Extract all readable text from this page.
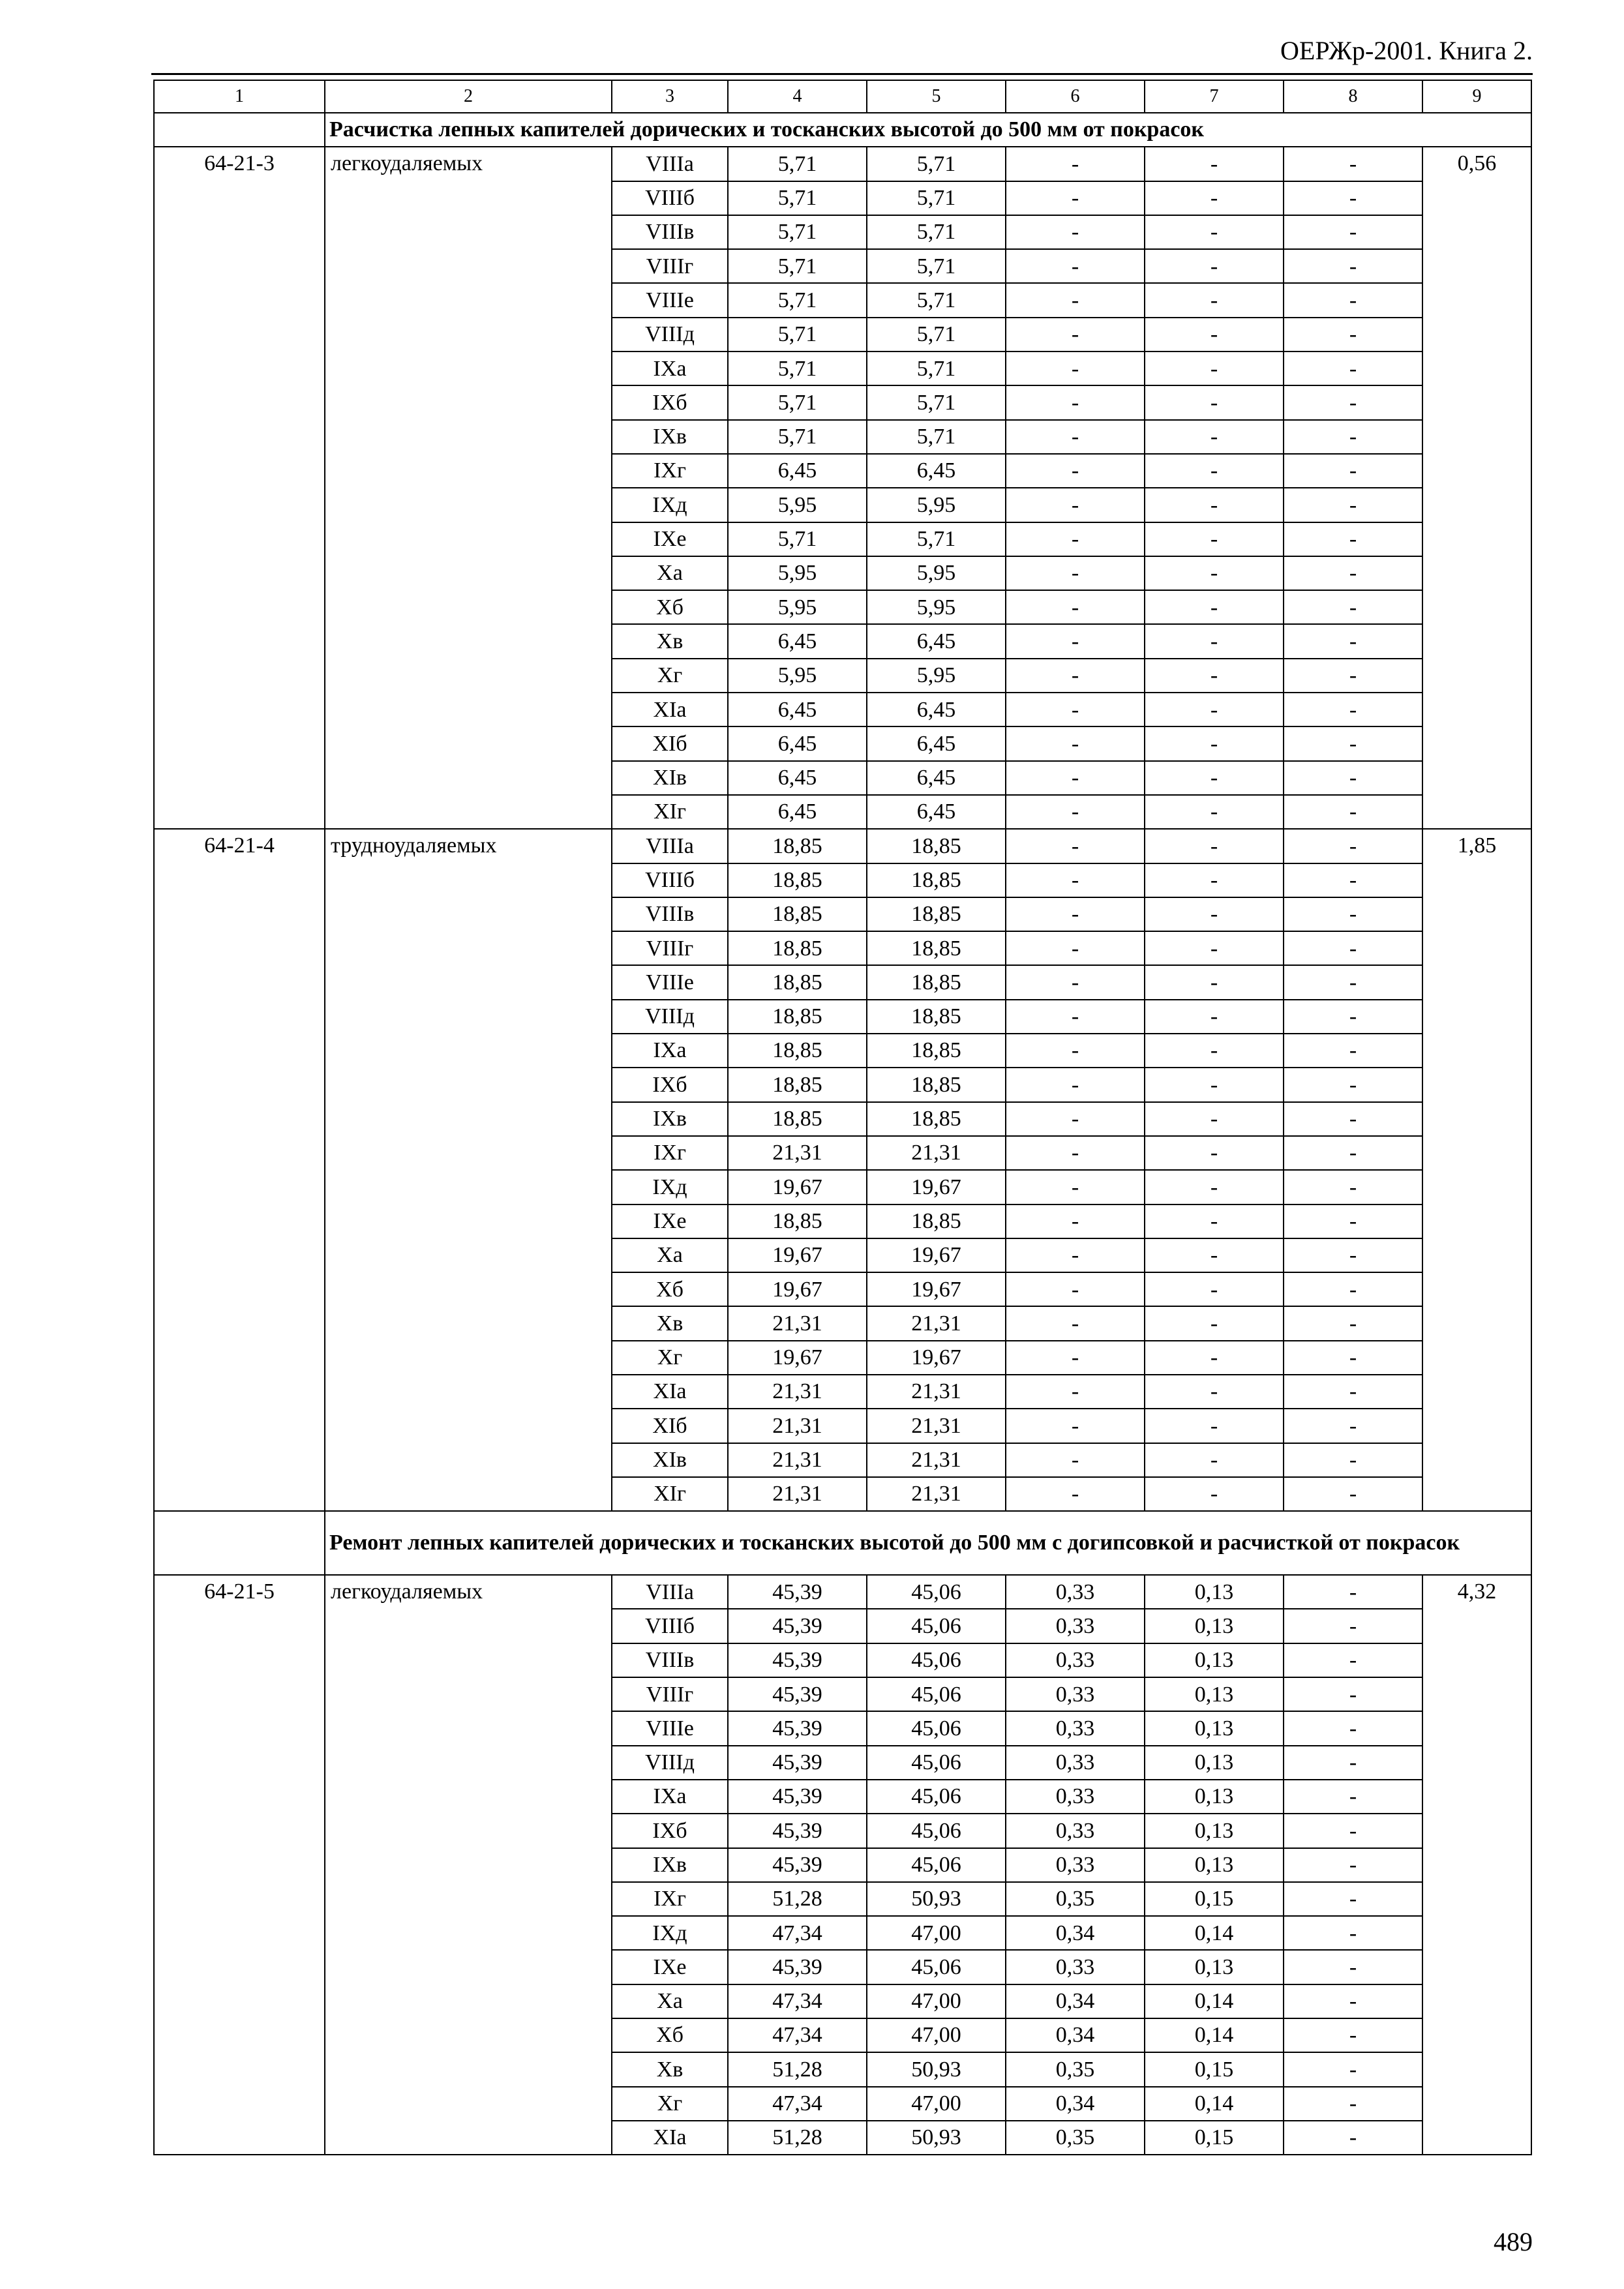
ОЕРЖр-2001. Книга 2.
1	2	3	4	5	6	7	8	9
	Расчистка лепных капителей дорических и тосканских высотой до 500 мм от покрасок							
64-21-3	легкоудаляемых	VIIIа	5,71	5,71	-	-	-	0,56
		VIIIб	5,71	5,71	-	-	-	
		VIIIв	5,71	5,71	-	-	-	
		VIIIг	5,71	5,71	-	-	-	
		VIIIе	5,71	5,71	-	-	-	
		VIIIд	5,71	5,71	-	-	-	
		IXа	5,71	5,71	-	-	-	
		IXб	5,71	5,71	-	-	-	
		IXв	5,71	5,71	-	-	-	
		IXг	6,45	6,45	-	-	-	
		IXд	5,95	5,95	-	-	-	
		IXе	5,71	5,71	-	-	-	
		Xа	5,95	5,95	-	-	-	
		Xб	5,95	5,95	-	-	-	
		Xв	6,45	6,45	-	-	-	
		Xг	5,95	5,95	-	-	-	
		XIа	6,45	6,45	-	-	-	
		XIб	6,45	6,45	-	-	-	
		XIв	6,45	6,45	-	-	-	
		XIг	6,45	6,45	-	-	-	
64-21-4	трудноудаляемых	VIIIа	18,85	18,85	-	-	-	1,85
		VIIIб	18,85	18,85	-	-	-	
		VIIIв	18,85	18,85	-	-	-	
		VIIIг	18,85	18,85	-	-	-	
		VIIIе	18,85	18,85	-	-	-	
		VIIIд	18,85	18,85	-	-	-	
		IXа	18,85	18,85	-	-	-	
		IXб	18,85	18,85	-	-	-	
		IXв	18,85	18,85	-	-	-	
		IXг	21,31	21,31	-	-	-	
		IXд	19,67	19,67	-	-	-	
		IXе	18,85	18,85	-	-	-	
		Xа	19,67	19,67	-	-	-	
		Xб	19,67	19,67	-	-	-	
		Xв	21,31	21,31	-	-	-	
		Xг	19,67	19,67	-	-	-	
		XIа	21,31	21,31	-	-	-	
		XIб	21,31	21,31	-	-	-	
		XIв	21,31	21,31	-	-	-	
		XIг	21,31	21,31	-	-	-	
	Ремонт лепных капителей дорических и тосканских высотой до 500 мм с догипсовкой и расчисткой от покрасок							
64-21-5	легкоудаляемых	VIIIа	45,39	45,06	0,33	0,13	-	4,32
		VIIIб	45,39	45,06	0,33	0,13	-	
		VIIIв	45,39	45,06	0,33	0,13	-	
		VIIIг	45,39	45,06	0,33	0,13	-	
		VIIIе	45,39	45,06	0,33	0,13	-	
		VIIIд	45,39	45,06	0,33	0,13	-	
		IXа	45,39	45,06	0,33	0,13	-	
		IXб	45,39	45,06	0,33	0,13	-	
		IXв	45,39	45,06	0,33	0,13	-	
		IXг	51,28	50,93	0,35	0,15	-	
		IXд	47,34	47,00	0,34	0,14	-	
		IXе	45,39	45,06	0,33	0,13	-	
		Xа	47,34	47,00	0,34	0,14	-	
		Xб	47,34	47,00	0,34	0,14	-	
		Xв	51,28	50,93	0,35	0,15	-	
		Xг	47,34	47,00	0,34	0,14	-	
		XIа	51,28	50,93	0,35	0,15	-	
489
